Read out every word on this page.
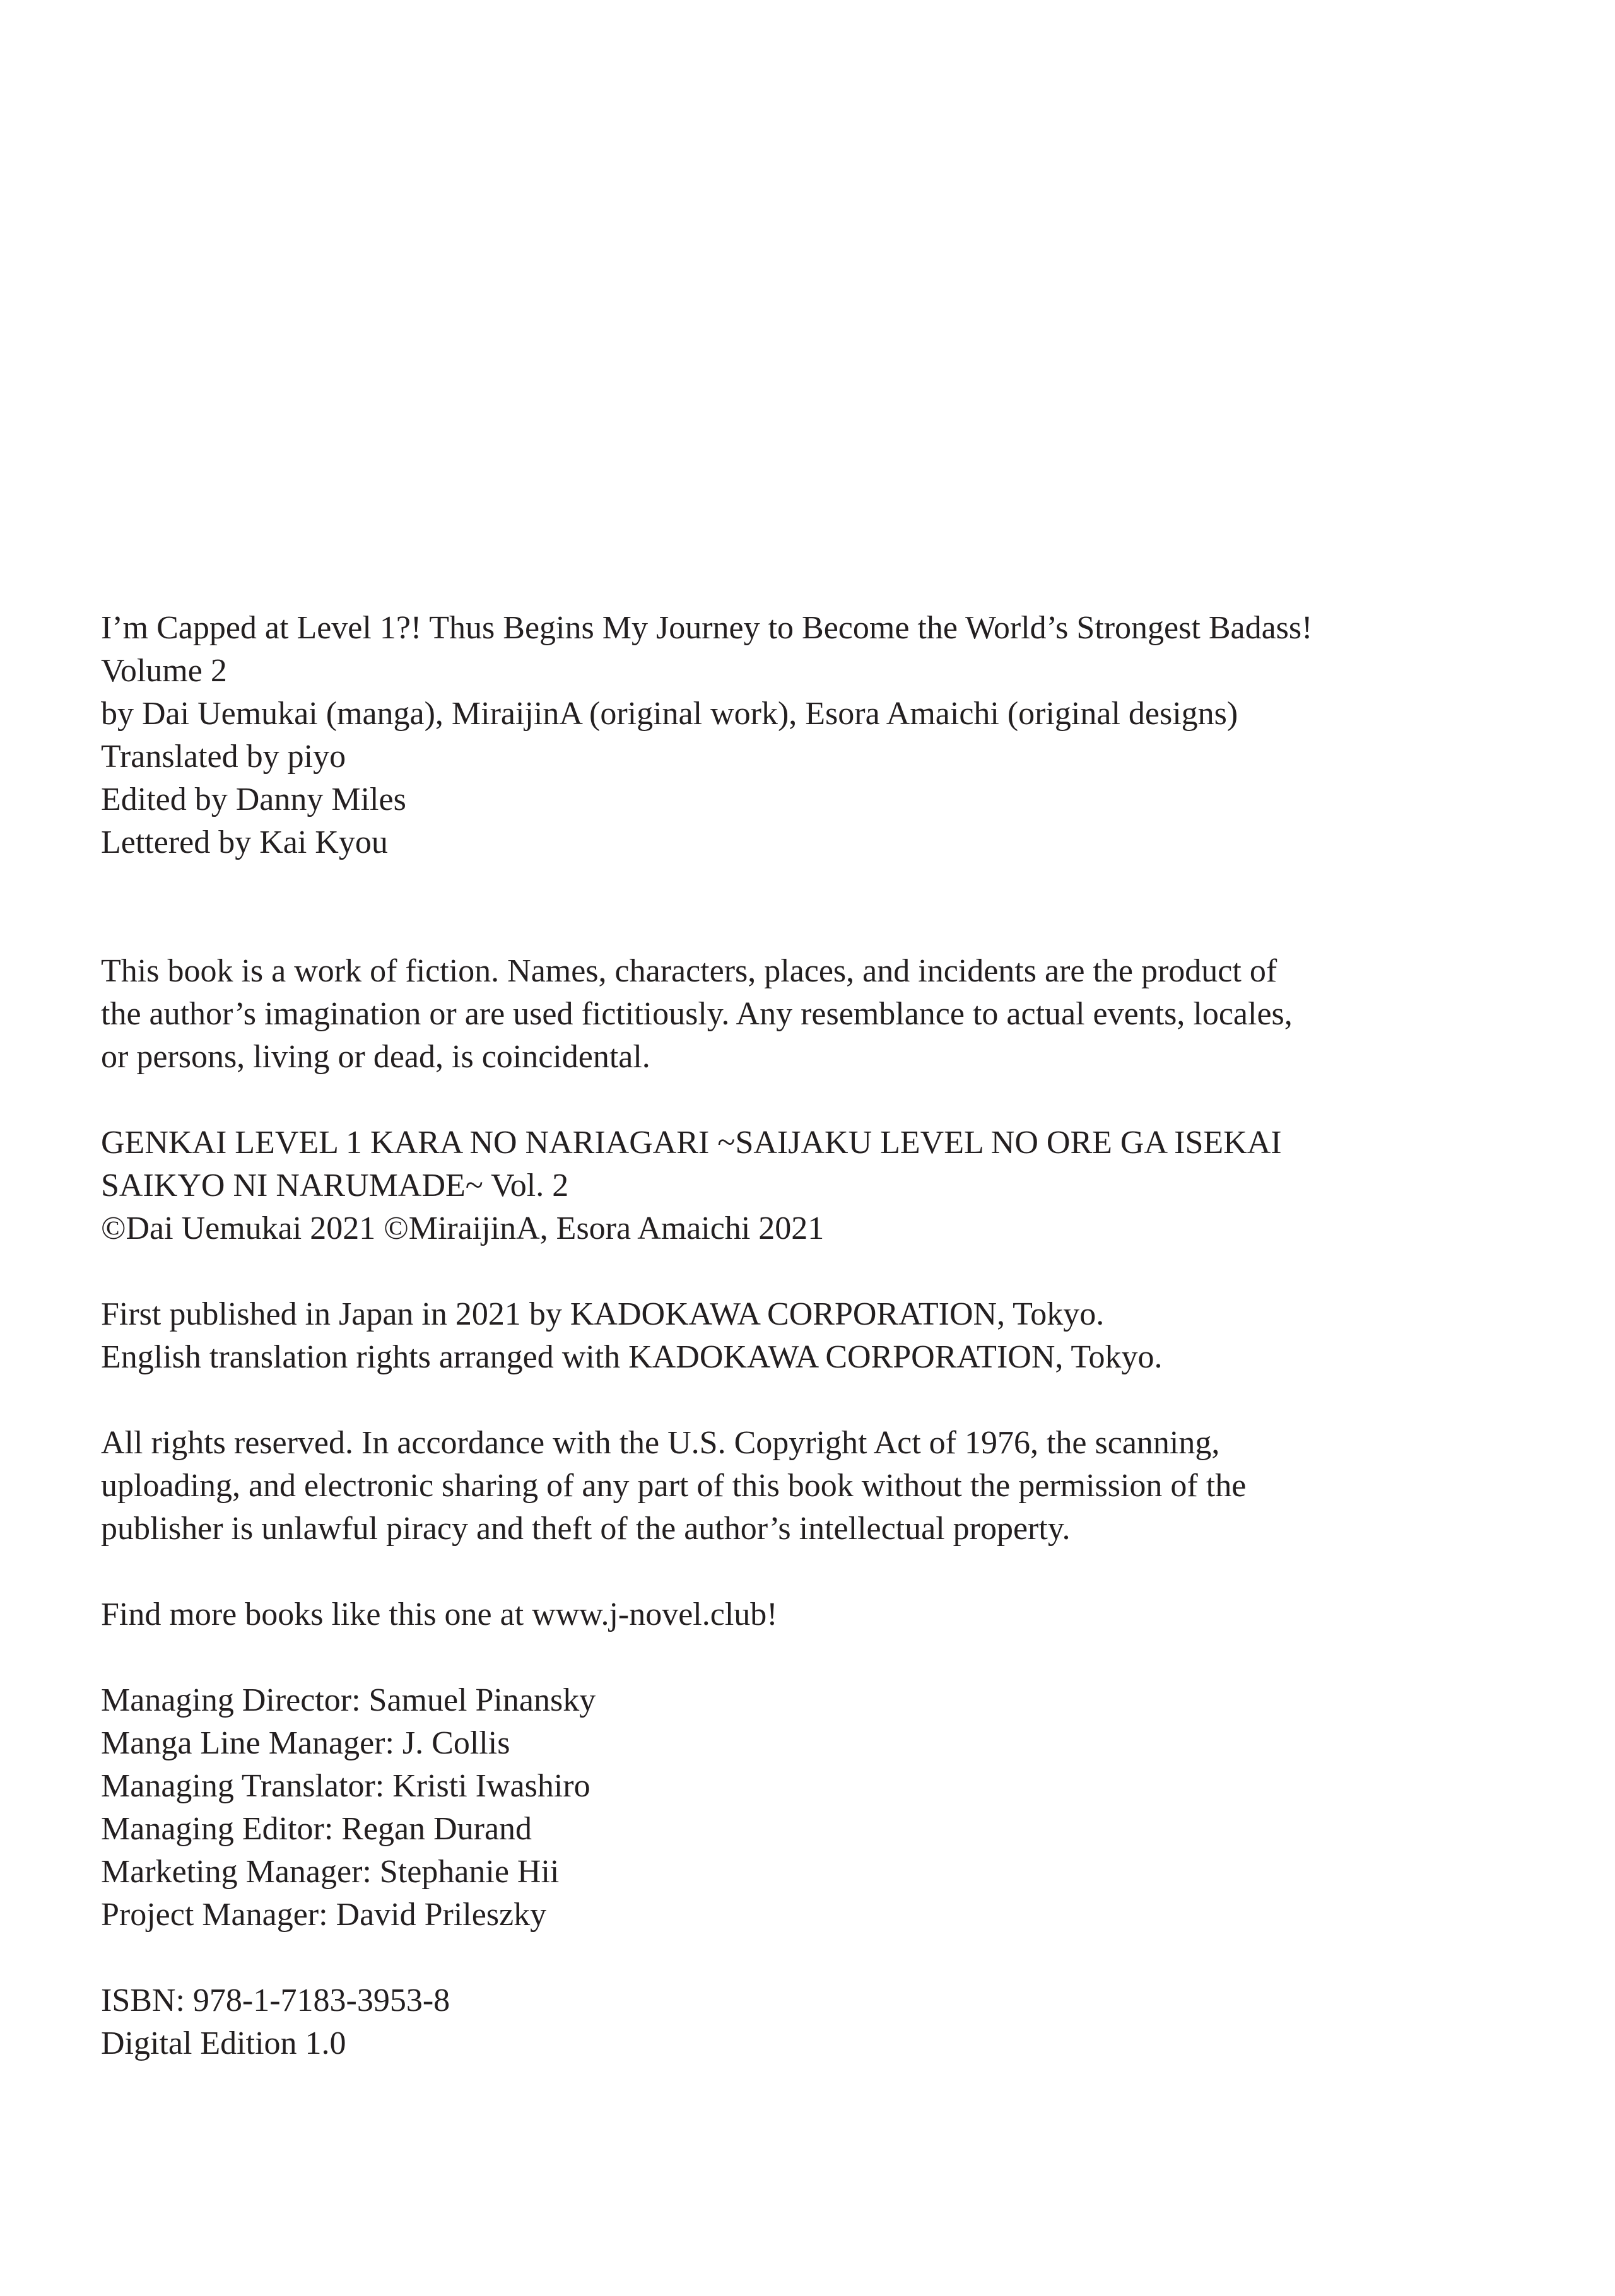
I’m Capped at Level 1?! Thus Begins My Journey to Become the World’s Strongest Badass!
Volume 2
by Dai Uemukai (manga), MiraijinA (original work), Esora Amaichi (original designs)
Translated by piyo
Edited by Danny Miles
Lettered by Kai Kyou
This book is a work of fiction. Names, characters, places, and incidents are the product of
the author’s imagination or are used fictitiously. Any resemblance to actual events, locales,
or persons, living or dead, is coincidental.
GENKAI LEVEL 1 KARA NO NARIAGARI ~SAIJAKU LEVEL NO ORE GA ISEKAI
SAIKYO NI NARUMADE~ Vol. 2
©Dai Uemukai 2021 ©MiraijinA, Esora Amaichi 2021
First published in Japan in 2021 by KADOKAWA CORPORATION, Tokyo.
English translation rights arranged with KADOKAWA CORPORATION, Tokyo.
All rights reserved. In accordance with the U.S. Copyright Act of 1976, the scanning,
uploading, and electronic sharing of any part of this book without the permission of the
publisher is unlawful piracy and theft of the author’s intellectual property.
Find more books like this one at www.j-novel.club!
Managing Director: Samuel Pinansky
Manga Line Manager: J. Collis
Managing Translator: Kristi Iwashiro
Managing Editor: Regan Durand
Marketing Manager: Stephanie Hii
Project Manager: David Prileszky
ISBN: 978-1-7183-3953-8
Digital Edition 1.0
